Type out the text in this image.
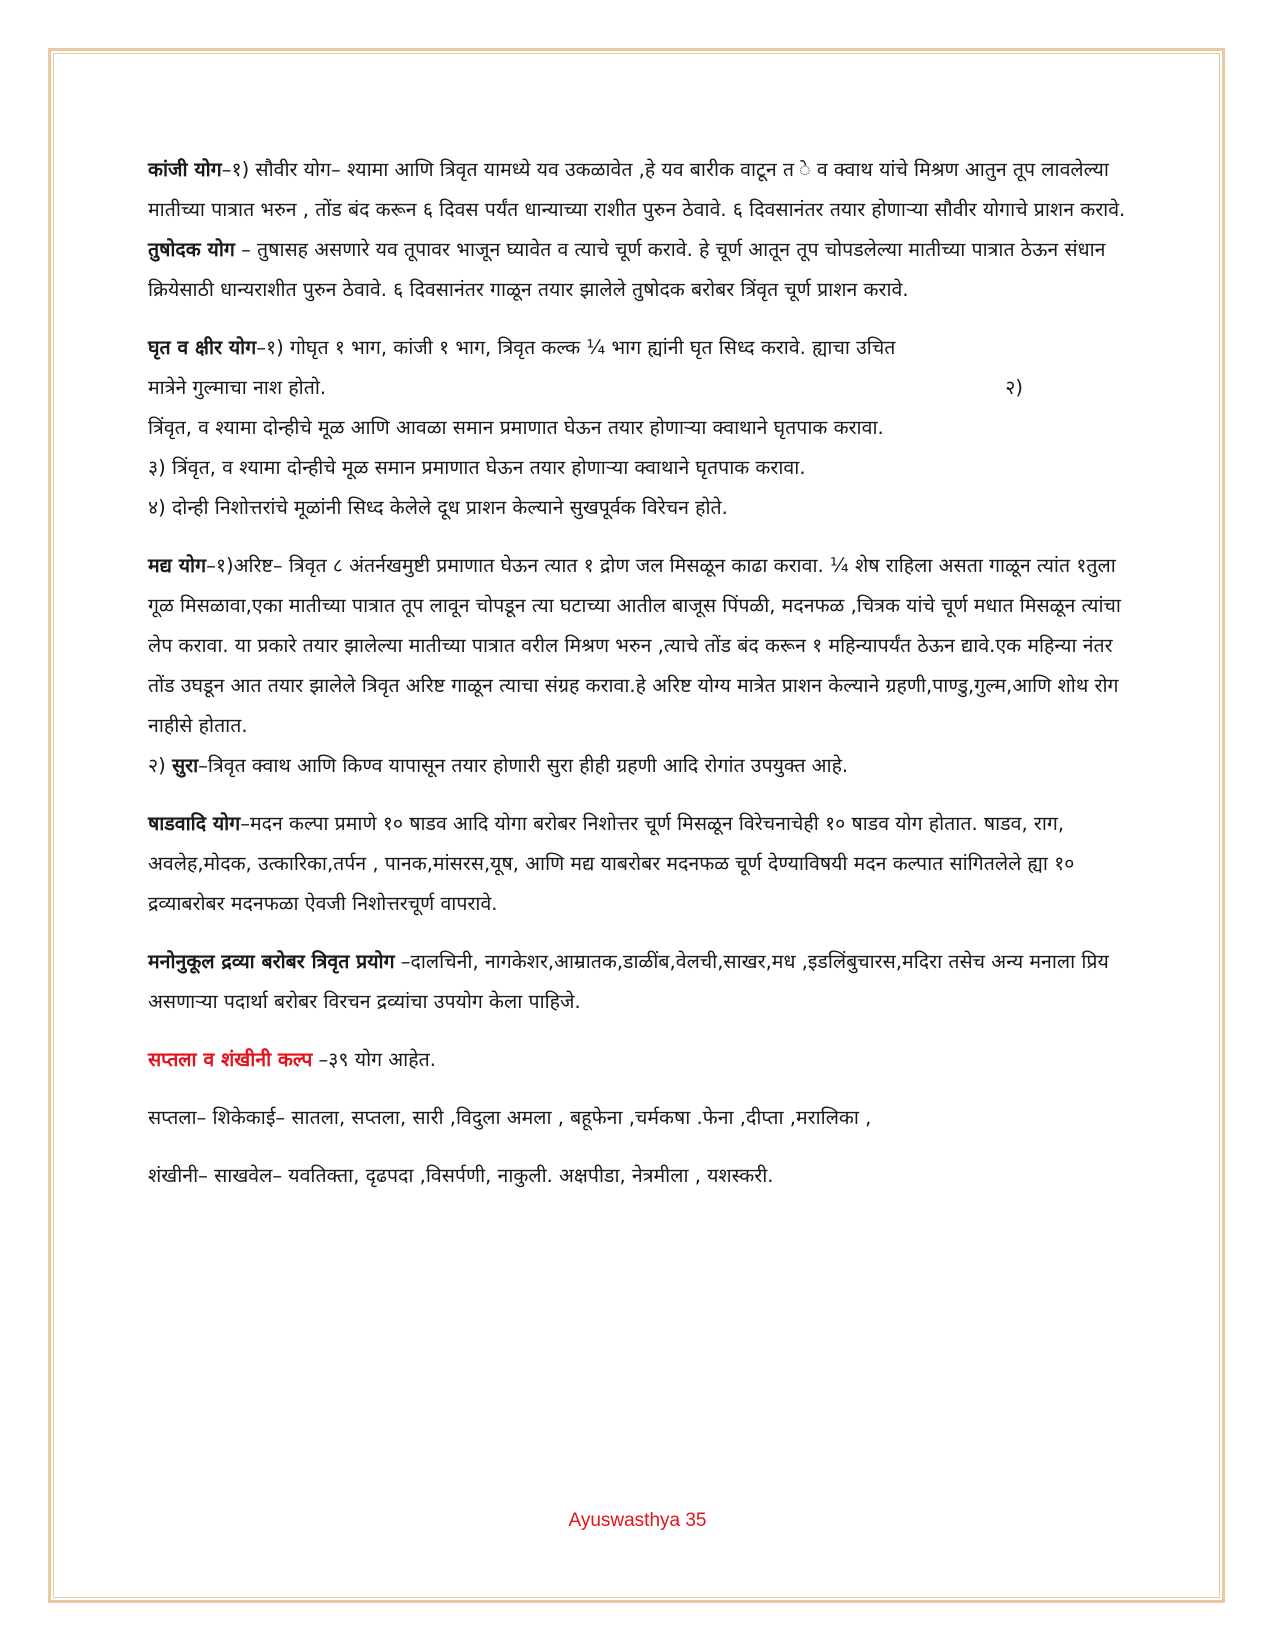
कांजी योग–१) सौवीर योग– श्यामा आणि त्रिवृत यामध्ये यव उकळावेत ,हे यव बारीक वाटून त े व क्वाथ यांचे मिश्रण आतुन तूप लावलेल्या मातीच्या पात्रात भरुन , तोंड बंद करून ६ दिवस पर्यंत धान्याच्या राशीत पुरुन ठेवावे. ६ दिवसानंतर तयार होणाऱ्या सौवीर योगाचे प्राशन करावे.

तुषोदक योग – तुषासह असणारे यव तूपावर भाजून घ्यावेत व त्याचे चूर्ण करावे. हे चूर्ण आतून तूप चोपडलेल्या मातीच्या पात्रात ठेऊन संधान क्रियेसाठी धान्यराशीत पुरुन ठेवावे. ६ दिवसानंतर गाळून तयार झालेले तुषोदक बरोबर त्रिंवृत चूर्ण प्राशन करावे.

घृत व क्षीर योग–१) गोघृत १ भाग, कांजी १ भाग, त्रिवृत कल्क ¼ भाग ह्यांनी घृत सिध्द करावे. ह्याचा उचित

मात्रेने गुल्माचा नाश होतो.	२)

त्रिंवृत, व श्यामा दोन्हीचे मूळ आणि आवळा समान प्रमाणात घेऊन तयार होणाऱ्या क्वाथाने घृतपाक करावा.

३) त्रिंवृत, व श्यामा दोन्हीचे मूळ समान प्रमाणात घेऊन तयार होणाऱ्या क्वाथाने घृतपाक करावा.

४) दोन्ही निशोत्तरांचे मूळांनी सिध्द केलेले दूध प्राशन केल्याने सुखपूर्वक विरेचन होते.

मद्य योग–१)अरिष्ट– त्रिवृत ८ अंतर्नखमुष्टी प्रमाणात घेऊन त्यात १ द्रोण जल मिसळून काढा करावा. ¼ शेष राहिला असता गाळून त्यांत १तुला गूळ मिसळावा,एका मातीच्या पात्रात तूप लावून चोपडून त्या घटाच्या आतील बाजूस पिंपळी, मदनफळ ,चित्रक यांचे चूर्ण मधात मिसळून त्यांचा लेप करावा. या प्रकारे तयार झालेल्या मातीच्या पात्रात वरील मिश्रण भरुन ,त्याचे तोंड बंद करून १ महिन्यापर्यंत ठेऊन द्यावे.एक महिन्या नंतर तोंड उघडून आत तयार झालेले त्रिवृत अरिष्ट गाळून त्याचा संग्रह करावा.हे अरिष्ट योग्य मात्रेत प्राशन केल्याने ग्रहणी,पाण्डु,गुल्म,आणि शोथ रोग नाहीसे होतात.

२) सुरा–त्रिवृत क्वाथ आणि किण्व यापासून तयार होणारी सुरा हीही ग्रहणी आदि रोगांत उपयुक्त आहे.

षाडवादि योग–मदन कल्पा प्रमाणे १० षाडव आदि योगा बरोबर निशोत्तर चूर्ण मिसळून विरेचनाचेही १० षाडव योग होतात. षाडव, राग, अवलेह,मोदक, उत्कारिका,तर्पन , पानक,मांसरस,यूष, आणि मद्य याबरोबर मदनफळ चूर्ण देण्याविषयी मदन कल्पात सांगितलेले ह्या १० द्रव्याबरोबर मदनफळा ऐवजी निशोत्तरचूर्ण वापरावे.

मनोनुकूल द्रव्या बरोबर त्रिवृत प्रयोग –दालचिनी, नागकेशर,आम्रातक,डाळींब,वेलची,साखर,मध ,इडलिंबुचारस,मदिरा तसेच अन्य मनाला प्रिय असणाऱ्या पदार्था बरोबर विरचन द्रव्यांचा उपयोग केला पाहिजे.

सप्तला व शंखीनी कल्प –३९ योग आहेत.

सप्तला– शिकेकाई– सातला, सप्तला, सारी ,विदुला अमला , बहूफेना ,चर्मकषा .फेना ,दीप्ता ,मरालिका ,

शंखीनी– साखवेल– यवतिक्ता, दृढपदा ,विसर्पणी, नाकुली. अक्षपीडा, नेत्रमीला , यशस्करी.

Ayuswasthya 35
